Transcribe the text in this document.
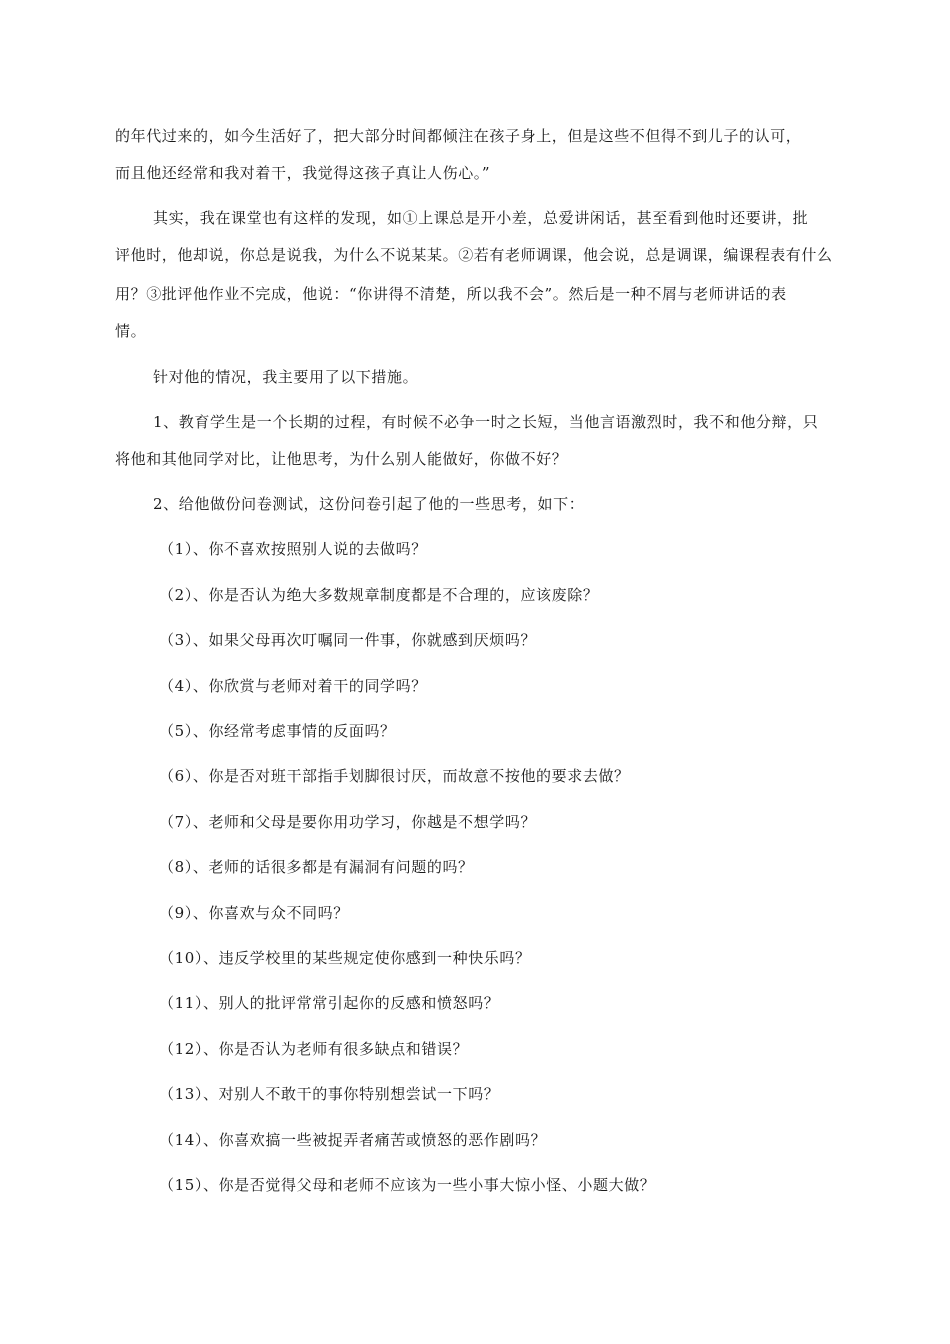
的年代过来的，如今生活好了，把大部分时间都倾注在孩子身上，但是这些不但得不到儿子的认可，
而且他还经常和我对着干，我觉得这孩子真让人伤心。”
其实，我在课堂也有这样的发现，如①上课总是开小差，总爱讲闲话，甚至看到他时还要讲，批
评他时，他却说，你总是说我，为什么不说某某。②若有老师调课，他会说，总是调课，编课程表有什么
用？③批评他作业不完成，他说：“你讲得不清楚，所以我不会”。然后是一种不屑与老师讲话的表
情。
针对他的情况，我主要用了以下措施。
1、教育学生是一个长期的过程，有时候不必争一时之长短，当他言语激烈时，我不和他分辩，只
将他和其他同学对比，让他思考，为什么别人能做好，你做不好？
2、给他做份问卷测试，这份问卷引起了他的一些思考，如下：
（1）、你不喜欢按照别人说的去做吗？
（2）、你是否认为绝大多数规章制度都是不合理的，应该废除？
（3）、如果父母再次叮嘱同一件事，你就感到厌烦吗？
（4）、你欣赏与老师对着干的同学吗？
（5）、你经常考虑事情的反面吗？
（6）、你是否对班干部指手划脚很讨厌，而故意不按他的要求去做？
（7）、老师和父母是要你用功学习，你越是不想学吗？
（8）、老师的话很多都是有漏洞有问题的吗？
（9）、你喜欢与众不同吗？
（10）、违反学校里的某些规定使你感到一种快乐吗？
（11）、别人的批评常常引起你的反感和愤怒吗？
（12）、你是否认为老师有很多缺点和错误？
（13）、对别人不敢干的事你特别想尝试一下吗？
（14）、你喜欢搞一些被捉弄者痛苦或愤怒的恶作剧吗？
（15）、你是否觉得父母和老师不应该为一些小事大惊小怪、小题大做？
